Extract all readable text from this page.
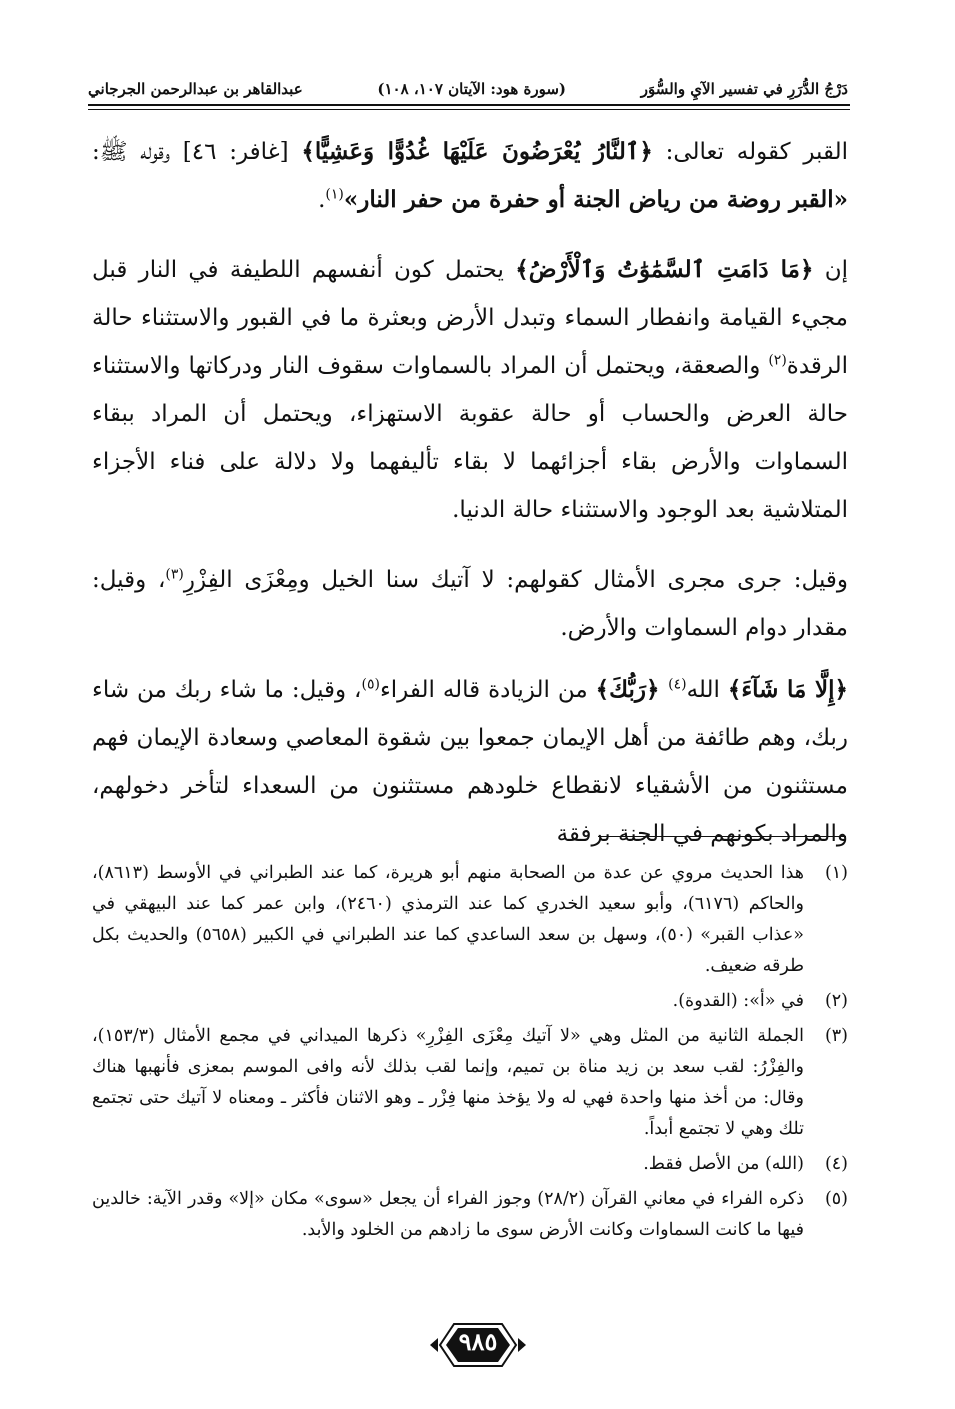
دَرْجُ الدُّرَرِ في تفسير الآيِ والسُّوَر
(سورة هود: الآيتان ١٠٧، ١٠٨)
عبدالقاهر بن عبدالرحمن الجرجاني

القبر كقوله تعالى: ﴿ٱلنَّارُ يُعْرَضُونَ عَلَيْهَا غُدُوًّا وَعَشِيًّا﴾ [غافر: ٤٦] وقوله ﷺ: «القبر روضة من رياض الجنة أو حفرة من حفر النار»$^{(١)}$.

إن ﴿مَا دَامَتِ ٱلسَّمَٰوَٰتُ وَٱلْأَرْضُ﴾ يحتمل كون أنفسهم اللطيفة في النار قبل مجيء القيامة وانفطار السماء وتبدل الأرض وبعثرة ما في القبور والاستثناء حالة الرقدة$^{(٢)}$ والصعقة، ويحتمل أن المراد بالسماوات سقوف النار ودركاتها والاستثناء حالة العرض والحساب أو حالة عقوبة الاستهزاء، ويحتمل أن المراد ببقاء السماوات والأرض بقاء أجزائهما لا بقاء تأليفهما ولا دلالة على فناء الأجزاء المتلاشية بعد الوجود والاستثناء حالة الدنيا.

وقيل: جرى مجرى الأمثال كقولهم: لا آتيك سنا الخيل ومِعْزَى الفِزْرِ$^{(٣)}$، وقيل: مقدار دوام السماوات والأرض.

﴿إِلَّا مَا شَآءَ﴾ الله$^{(٤)}$ ﴿رَبُّكَ﴾ من الزيادة قاله الفراء$^{(٥)}$، وقيل: ما شاء ربك من شاء ربك، وهم طائفة من أهل الإيمان جمعوا بين شقوة المعاصي وسعادة الإيمان فهم مستثنون من الأشقياء لانقطاع خلودهم مستثنون من السعداء لتأخر دخولهم، والمراد بكونهم في الجنة برفقة

(١)
هذا الحديث مروي عن عدة من الصحابة منهم أبو هريرة، كما عند الطبراني في الأوسط (٨٦١٣)، والحاكم (٦١٧٦)، وأبو سعيد الخدري كما عند الترمذي (٢٤٦٠)، وابن عمر كما عند البيهقي في «عذاب القبر» (٥٠)، وسهل بن سعد الساعدي كما عند الطبراني في الكبير (٥٦٥٨) والحديث بكل طرقه ضعيف.
(٢)
في «أ»: (القدوة).
(٣)
الجملة الثانية من المثل وهي «لا آتيك مِعْزَى الفِزْرِ» ذكرها الميداني في مجمع الأمثال (١٥٣/٣)، والفِزْرُ: لقب سعد بن زيد مناة بن تميم، وإنما لقب بذلك لأنه وافى الموسم بمعزى فأنهبها هناك وقال: من أخذ منها واحدة فهي له ولا يؤخذ منها فِزْر ـ وهو الاثنان فأكثر ـ ومعناه لا آتيك حتى تجتمع تلك وهي لا تجتمع أبداً.
(٤)
(الله) من الأصل فقط.
(٥)
ذكره الفراء في معاني القرآن (٢٨/٢) وجوز الفراء أن يجعل «سوى» مكان «إلا» وقدر الآية: خالدين فيها ما كانت السماوات وكانت الأرض سوى ما زادهم من الخلود والأبد.
٩٨٥
